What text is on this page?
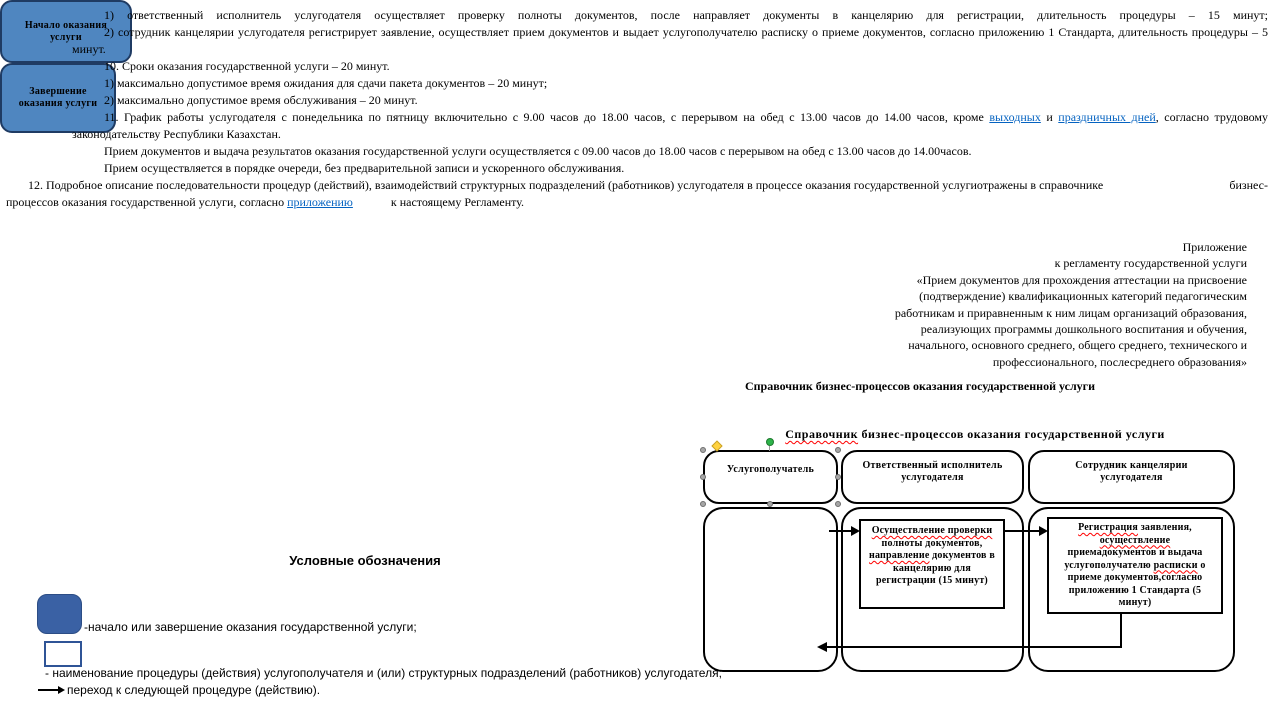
1) ответственный исполнитель услугодателя осуществляет проверку полноты документов, после направляет документы в канцелярию для регистрации, длительность процедуры – 15 минут;
2) сотрудник канцелярии услугодателя регистрирует заявление, осуществляет прием документов и выдает услугополучателю расписку о приеме документов, согласно приложению 1 Стандарта, длительность процедуры – 5
минут.
10. Сроки оказания государственной услуги – 20 минут.
1) максимально допустимое время ожидания для сдачи пакета документов – 20 минут;
2) максимально допустимое время обслуживания – 20 минут.
11. График работы услугодателя с понедельника по пятницу включительно с 9.00 часов до 18.00 часов, с перерывом на обед с 13.00 часов до 14.00 часов, кроме выходных и праздничных дней, согласно трудовому
законодательству Республики Казахстан.
Прием документов и выдача результатов оказания государственной услуги осуществляется с 09.00 часов до 18.00 часов с перерывом на обед с 13.00 часов до 14.00часов.
Прием осуществляется в порядке очереди, без предварительной записи и ускоренного обслуживания.
12. Подробное описание последовательности процедур (действий), взаимодействий структурных подразделений (работников) услугодателя в процессе оказания государственной услугиотражены в справочнике	бизнес-
процессов оказания государственной услуги, согласно приложению	к настоящему Регламенту.
Приложение
к регламенту государственной услуги
«Прием документов для прохождения аттестации на присвоение
(подтверждение) квалификационных категорий педагогическим
работникам и приравненным к ним лицам организаций образования,
реализующих программы дошкольного воспитания и обучения,
начального, основного среднего, общего среднего, технического и
профессионального, послесреднего образования»
Справочник бизнес-процессов оказания государственной услуги
Справочник бизнес-процессов оказания государственной услуги
Услугополучатель	Ответственный исполнитель услугодателя
Сотрудник канцелярии услугодателя
Начало оказания услуги
Завершение оказания услуги
Осуществление проверки полноты документов, направление документов в канцелярию для регистрации (15 минут)
Регистрация заявления, осуществление приемадокументов и выдача услугополучателю расписки о приеме документов,согласно приложению 1 Стандарта (5 минут)
Условные обозначения
-начало или завершение оказания государственной услуги;
- наименование процедуры (действия) услугополучателя и (или) структурных подразделений (работников) услугодателя;
переход к следующей процедуре (действию).
